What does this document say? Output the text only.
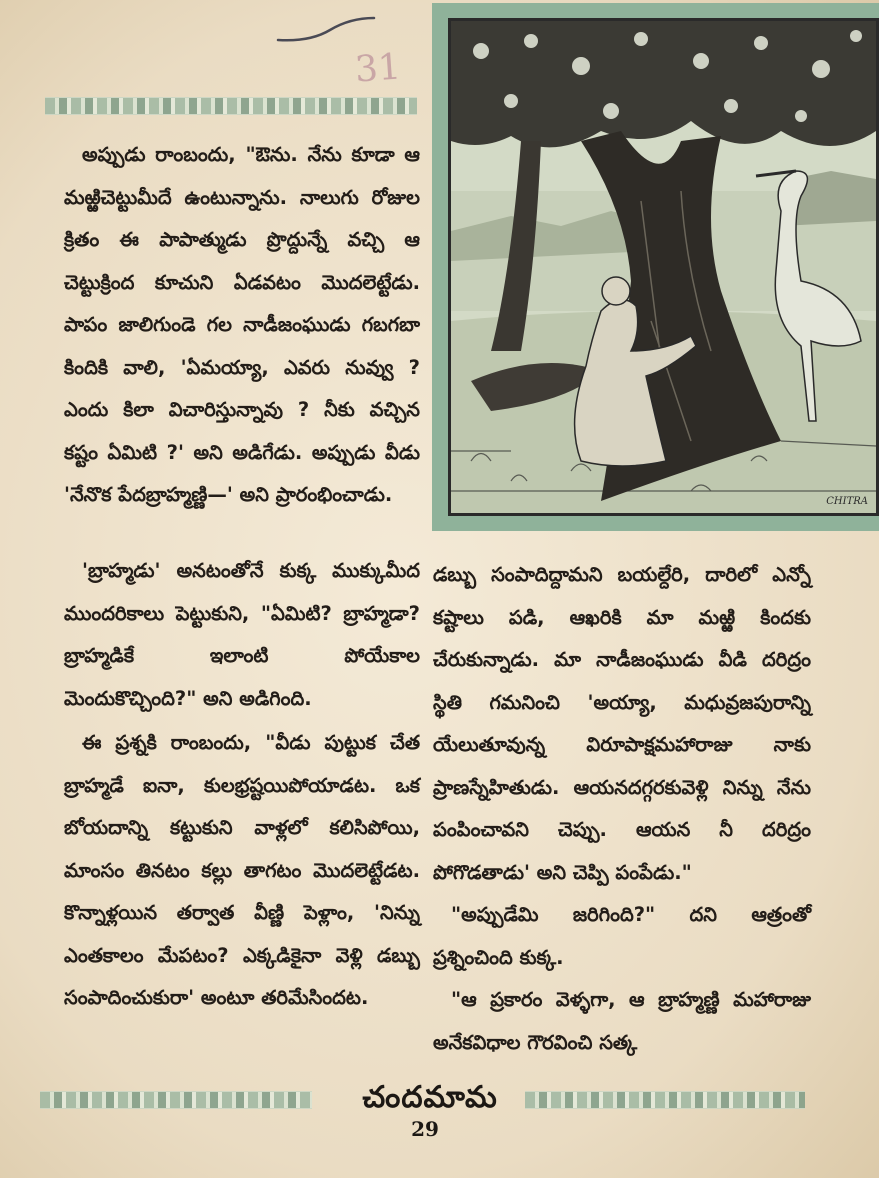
31
CHITRA

అప్పుడు రాంబందు, "ఔను. నేను కూడా ఆ మఱ్ఱిచెట్టుమీదే ఉంటున్నాను. నాలుగు రోజుల క్రితం ఈ పాపాత్ముడు ప్రొద్దున్నే వచ్చి ఆ చెట్టుక్రింద కూచుని ఏడవటం మొదలెట్టేడు. పాపం జాలిగుండె గల నాడీజంఘుడు గబగబా కిందికి వాలి, 'ఏమయ్యా, ఎవరు నువ్వు ? ఎందు కిలా విచారిస్తున్నావు ? నీకు వచ్చిన కష్టం ఏమిటి ?' అని అడిగేడు. అప్పుడు వీడు 'నేనొక పేదబ్రాహ్మణ్ణి—' అని ప్రారంభించాడు.

'బ్రాహ్మడు' అనటంతోనే కుక్క ముక్కుమీద ముందరికాలు పెట్టుకుని, "ఏమిటి? బ్రాహ్మడా? బ్రాహ్మడికే ఇలాంటి పోయేకాల మెందుకొచ్చింది?" అని అడిగింది.

ఈ ప్రశ్నకి రాంబందు, "వీడు పుట్టుక చేత బ్రాహ్మడే ఐనా, కులభ్రష్టయిపోయాడట. ఒక బోయదాన్ని కట్టుకుని వాళ్లలో కలిసిపోయి, మాంసం తినటం కల్లు తాగటం మొదలెట్టేడట. కొన్నాళ్లయిన తర్వాత వీణ్ణి పెళ్లాం, 'నిన్ను ఎంతకాలం మేపటం? ఎక్కడికైనా వెళ్లి డబ్బు సంపాదించుకురా' అంటూ తరిమేసిందట.

డబ్బు సంపాదిద్దామని బయల్దేరి, దారిలో ఎన్నో కష్టాలు పడి, ఆఖరికి మా మఱ్ఱి కిందకు చేరుకున్నాడు. మా నాడీజంఘుడు వీడి దరిద్రం స్థితి గమనించి 'అయ్యా, మధువ్రజపురాన్ని యేలుతూవున్న విరూపాక్షమహారాజు నాకు ప్రాణస్నేహితుడు. ఆయనదగ్గరకువెళ్లి నిన్ను నేను పంపించావని చెప్పు. ఆయన నీ దరిద్రం పోగొడతాడు' అని చెప్పి పంపేడు."

"అప్పుడేమి జరిగింది?" దని ఆత్రంతో ప్రశ్నించింది కుక్క.

"ఆ ప్రకారం వెళ్ళగా, ఆ బ్రాహ్మణ్ణి మహారాజు అనేకవిధాల గౌరవించి సత్క

చందమామ
29
